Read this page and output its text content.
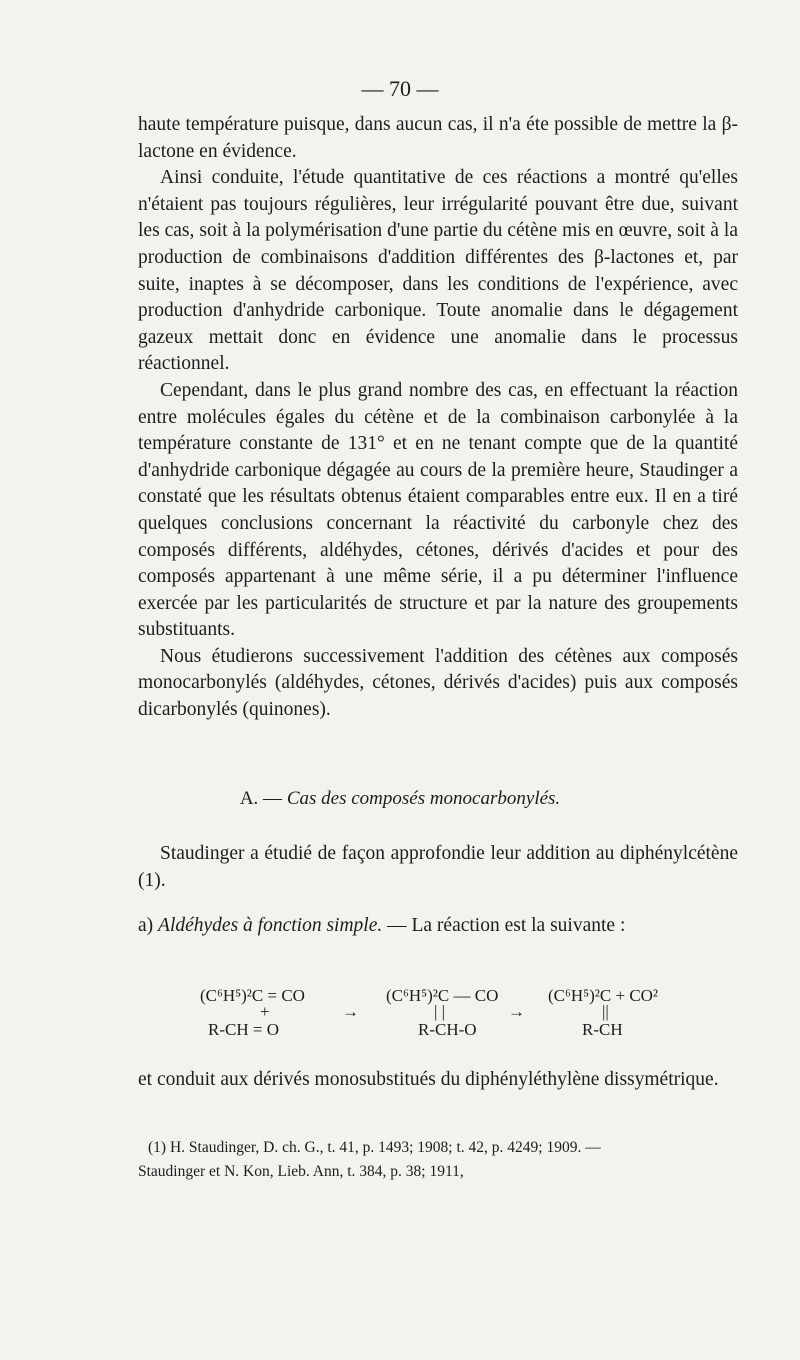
— 70 —

haute température puisque, dans aucun cas, il n'a éte possible de mettre la β-lactone en évidence.

Ainsi conduite, l'étude quantitative de ces réactions a montré qu'elles n'étaient pas toujours régulières, leur irrégularité pouvant être due, suivant les cas, soit à la polymérisation d'une partie du cétène mis en œuvre, soit à la production de combinaisons d'addition différentes des β-lactones et, par suite, inaptes à se décomposer, dans les conditions de l'expérience, avec production d'anhydride carbonique. Toute anomalie dans le dégagement gazeux mettait donc en évidence une anomalie dans le processus réactionnel.

Cependant, dans le plus grand nombre des cas, en effectuant la réaction entre molécules égales du cétène et de la combinaison carbonylée à la température constante de 131° et en ne tenant compte que de la quantité d'anhydride carbonique dégagée au cours de la première heure, Staudinger a constaté que les résultats obtenus étaient comparables entre eux. Il en a tiré quelques conclusions concernant la réactivité du carbonyle chez des composés différents, aldéhydes, cétones, dérivés d'acides et pour des composés appartenant à une même série, il a pu déterminer l'influence exercée par les particularités de structure et par la nature des groupements substituants.

Nous étudierons successivement l'addition des cétènes aux composés monocarbonylés (aldéhydes, cétones, dérivés d'acides) puis aux composés dicarbonylés (quinones).

A. — Cas des composés monocarbonylés.
Staudinger a étudié de façon approfondie leur addition au diphénylcétène (1).
a) Aldéhydes à fonction simple. — La réaction est la suivante :
(C⁶H⁵)²C = CO
+
R-CH = O
→
(C⁶H⁵)²C — CO
| |
R-CH-O
→
(C⁶H⁵)²C + CO²
||
R-CH
et conduit aux dérivés monosubstitués du diphényléthylène dissymétrique.
(1) H. Staudinger, D. ch. G., t. 41, p. 1493; 1908; t. 42, p. 4249; 1909. —
Staudinger et N. Kon, Lieb. Ann, t. 384, p. 38; 1911,
